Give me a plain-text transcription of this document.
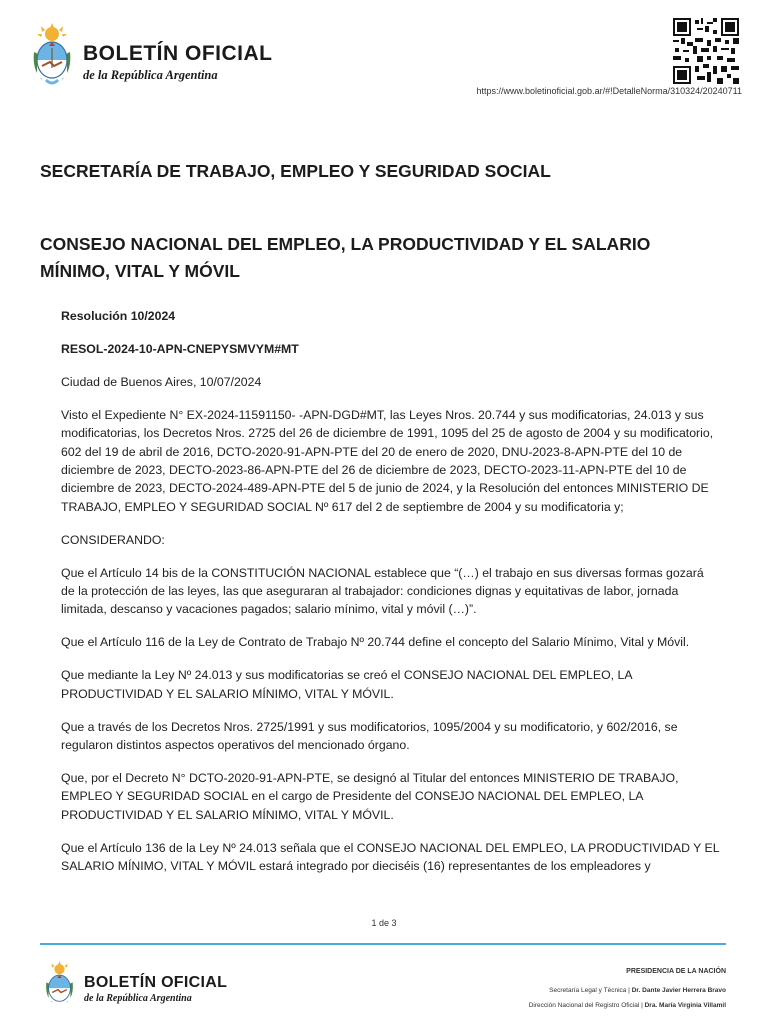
BOLETÍN OFICIAL
de la República Argentina
https://www.boletinoficial.gob.ar/#!DetalleNorma/310324/20240711
SECRETARÍA DE TRABAJO, EMPLEO Y SEGURIDAD SOCIAL
CONSEJO NACIONAL DEL EMPLEO, LA PRODUCTIVIDAD Y EL SALARIO MÍNIMO, VITAL Y MÓVIL

Resolución 10/2024

RESOL-2024-10-APN-CNEPYSMVYM#MT

Ciudad de Buenos Aires, 10/07/2024

Visto el Expediente N° EX-2024-11591150- -APN-DGD#MT, las Leyes Nros. 20.744 y sus modificatorias, 24.013 y sus modificatorias, los Decretos Nros. 2725 del 26 de diciembre de 1991, 1095 del 25 de agosto de 2004 y su modificatorio, 602 del 19 de abril de 2016, DCTO-2020-91-APN-PTE del 20 de enero de 2020, DNU-2023-8-APN-PTE del 10 de diciembre de 2023, DECTO-2023-86-APN-PTE del 26 de diciembre de 2023, DECTO-2023-11-APN-PTE del 10 de diciembre de 2023, DECTO-2024-489-APN-PTE del 5 de junio de 2024, y la Resolución del entonces MINISTERIO DE TRABAJO, EMPLEO Y SEGURIDAD SOCIAL Nº 617 del 2 de septiembre de 2004 y su modificatoria y;

CONSIDERANDO:

Que el Artículo 14 bis de la CONSTITUCIÓN NACIONAL establece que “(…) el trabajo en sus diversas formas gozará de la protección de las leyes, las que aseguraran al trabajador: condiciones dignas y equitativas de labor, jornada limitada, descanso y vacaciones pagados; salario mínimo, vital y móvil (…)”.

Que el Artículo 116 de la Ley de Contrato de Trabajo Nº 20.744 define el concepto del Salario Mínimo, Vital y Móvil.

Que mediante la Ley Nº 24.013 y sus modificatorias se creó el CONSEJO NACIONAL DEL EMPLEO, LA PRODUCTIVIDAD Y EL SALARIO MÍNIMO, VITAL Y MÓVIL.

Que a través de los Decretos Nros. 2725/1991 y sus modificatorios, 1095/2004 y su modificatorio, y 602/2016, se regularon distintos aspectos operativos del mencionado órgano.

Que, por el Decreto N° DCTO-2020-91-APN-PTE, se designó al Titular del entonces MINISTERIO DE TRABAJO, EMPLEO Y SEGURIDAD SOCIAL en el cargo de Presidente del CONSEJO NACIONAL DEL EMPLEO, LA PRODUCTIVIDAD Y EL SALARIO MÍNIMO, VITAL Y MÓVIL.

Que el Artículo 136 de la Ley Nº 24.013 señala que el CONSEJO NACIONAL DEL EMPLEO, LA PRODUCTIVIDAD Y EL SALARIO MÍNIMO, VITAL Y MÓVIL estará integrado por dieciséis (16) representantes de los empleadores y

1 de 3
BOLETÍN OFICIAL
de la República Argentina
PRESIDENCIA DE LA NACIÓN
Secretaría Legal y Técnica | Dr. Dante Javier Herrera Bravo
Dirección Nacional del Registro Oficial | Dra. María Virginia Villamil
